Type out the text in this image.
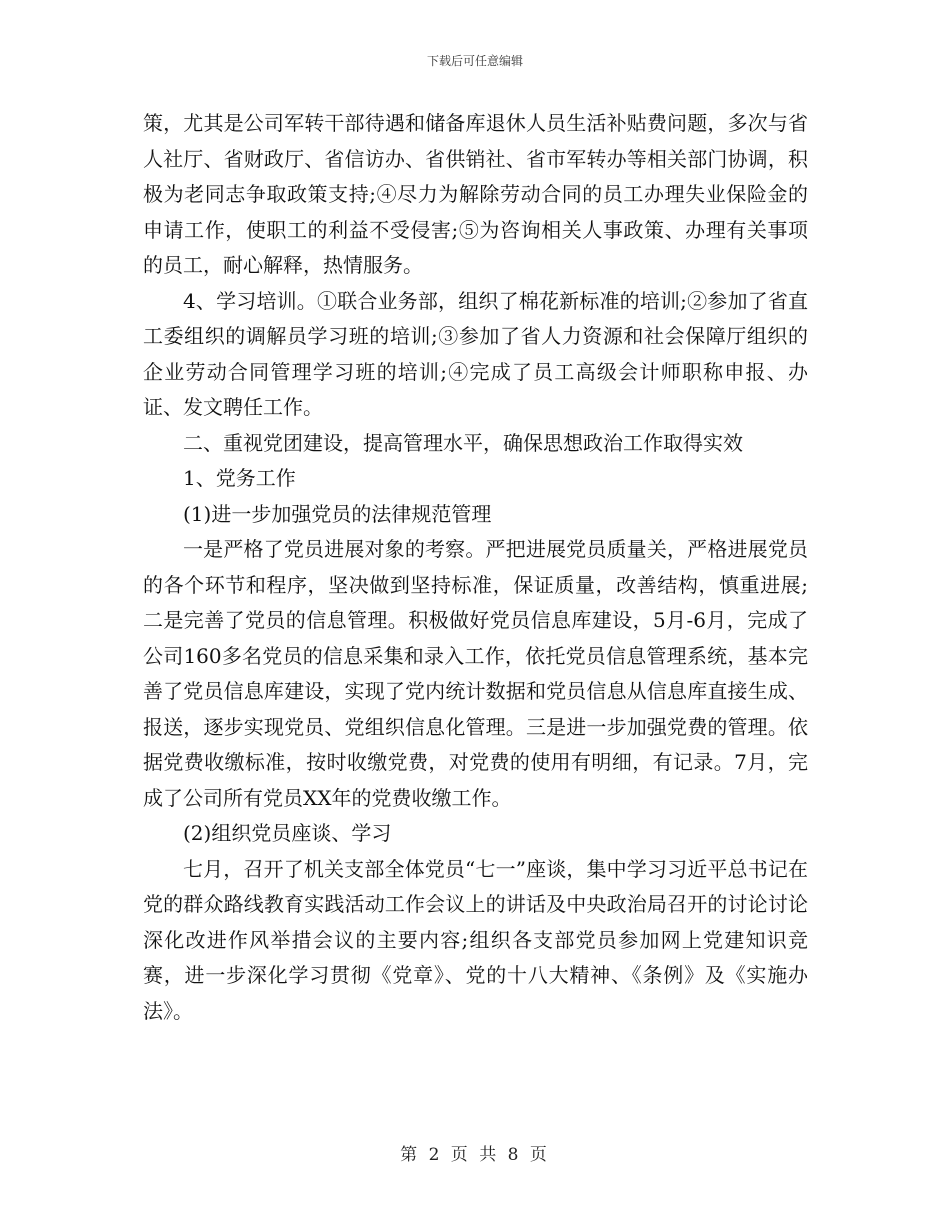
下载后可任意编辑

策，尤其是公司军转干部待遇和储备库退休人员生活补贴费问题，多次与省人社厅、省财政厅、省信访办、省供销社、省市军转办等相关部门协调，积极为老同志争取政策支持;④尽力为解除劳动合同的员工办理失业保险金的申请工作，使职工的利益不受侵害;⑤为咨询相关人事政策、办理有关事项的员工，耐心解释，热情服务。

4、学习培训。①联合业务部，组织了棉花新标准的培训;②参加了省直工委组织的调解员学习班的培训;③参加了省人力资源和社会保障厅组织的企业劳动合同管理学习班的培训;④完成了员工高级会计师职称申报、办证、发文聘任工作。

二、重视党团建设，提高管理水平，确保思想政治工作取得实效

1、党务工作

(1)进一步加强党员的法律规范管理

一是严格了党员进展对象的考察。严把进展党员质量关，严格进展党员的各个环节和程序，坚决做到坚持标准，保证质量，改善结构，慎重进展;二是完善了党员的信息管理。积极做好党员信息库建设，5月-6月，完成了公司160多名党员的信息采集和录入工作，依托党员信息管理系统，基本完善了党员信息库建设，实现了党内统计数据和党员信息从信息库直接生成、报送，逐步实现党员、党组织信息化管理。三是进一步加强党费的管理。依据党费收缴标准，按时收缴党费，对党费的使用有明细，有记录。7月，完成了公司所有党员XX年的党费收缴工作。

(2)组织党员座谈、学习

七月，召开了机关支部全体党员“七一”座谈，集中学习习近平总书记在党的群众路线教育实践活动工作会议上的讲话及中央政治局召开的讨论讨论深化改进作风举措会议的主要内容;组织各支部党员参加网上党建知识竞赛，进一步深化学习贯彻《党章》、党的十八大精神、《条例》及《实施办法》。

第 2 页 共 8 页
